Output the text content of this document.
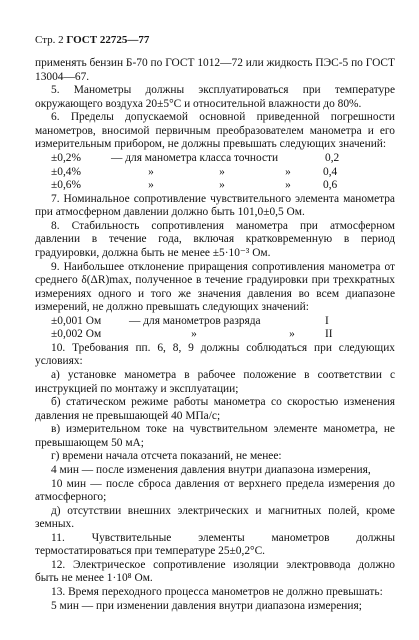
Стр. 2 ГОСТ 22725—77

применять бензин Б-70 по ГОСТ 1012—72 или жидкость ПЭС-5 по ГОСТ 13004—67.

5. Манометры должны эксплуатироваться при температуре окружающего воздуха 20±5°С и относительной влажности до 80%.

6. Пределы допускаемой основной приведенной погрешности манометров, вносимой первичным преобразователем манометра и его измерительным прибором, не должны превышать следующих значений:

±0,2%	— для манометра класса точности	0,2
±0,4%	»	»	»	0,4
±0,6%	»	»	»	0,6

7. Номинальное сопротивление чувствительного элемента манометра при атмосферном давлении должно быть 101,0±0,5 Ом.

8. Стабильность сопротивления манометра при атмосферном давлении в течение года, включая кратковременную в период градуировки, должна быть не менее ±5·10⁻³ Ом.

9. Наибольшее отклонение приращения сопротивления манометра от среднего δ(ΔR)max, полученное в течение градуировки при трехкратных измерениях одного и того же значения давления во всем диапазоне измерений, не должно превышать следующих значений:

±0,001 Ом	— для манометров разряда	I
±0,002 Ом	»	»	II

10. Требования пп. 6, 8, 9 должны соблюдаться при следующих условиях:

а) установке манометра в рабочее положение в соответствии с инструкцией по монтажу и эксплуатации;

б) статическом режиме работы манометра со скоростью изменения давления не превышающей 40 МПа/с;

в) измерительном токе на чувствительном элементе манометра, не превышающем 50 мА;

г) времени начала отсчета показаний, не менее:

4 мин — после изменения давления внутри диапазона измерения,

10 мин — после сброса давления от верхнего предела измерения до атмосферного;

д) отсутствии внешних электрических и магнитных полей, кроме земных.

11. Чувствительные элементы манометров должны термостатироваться при температуре 25±0,2°С.

12. Электрическое сопротивление изоляции электроввода должно быть не менее 1·10⁸ Ом.

13. Время переходного процесса манометров не должно превышать:

5 мин — при изменении давления внутри диапазона измерения;
